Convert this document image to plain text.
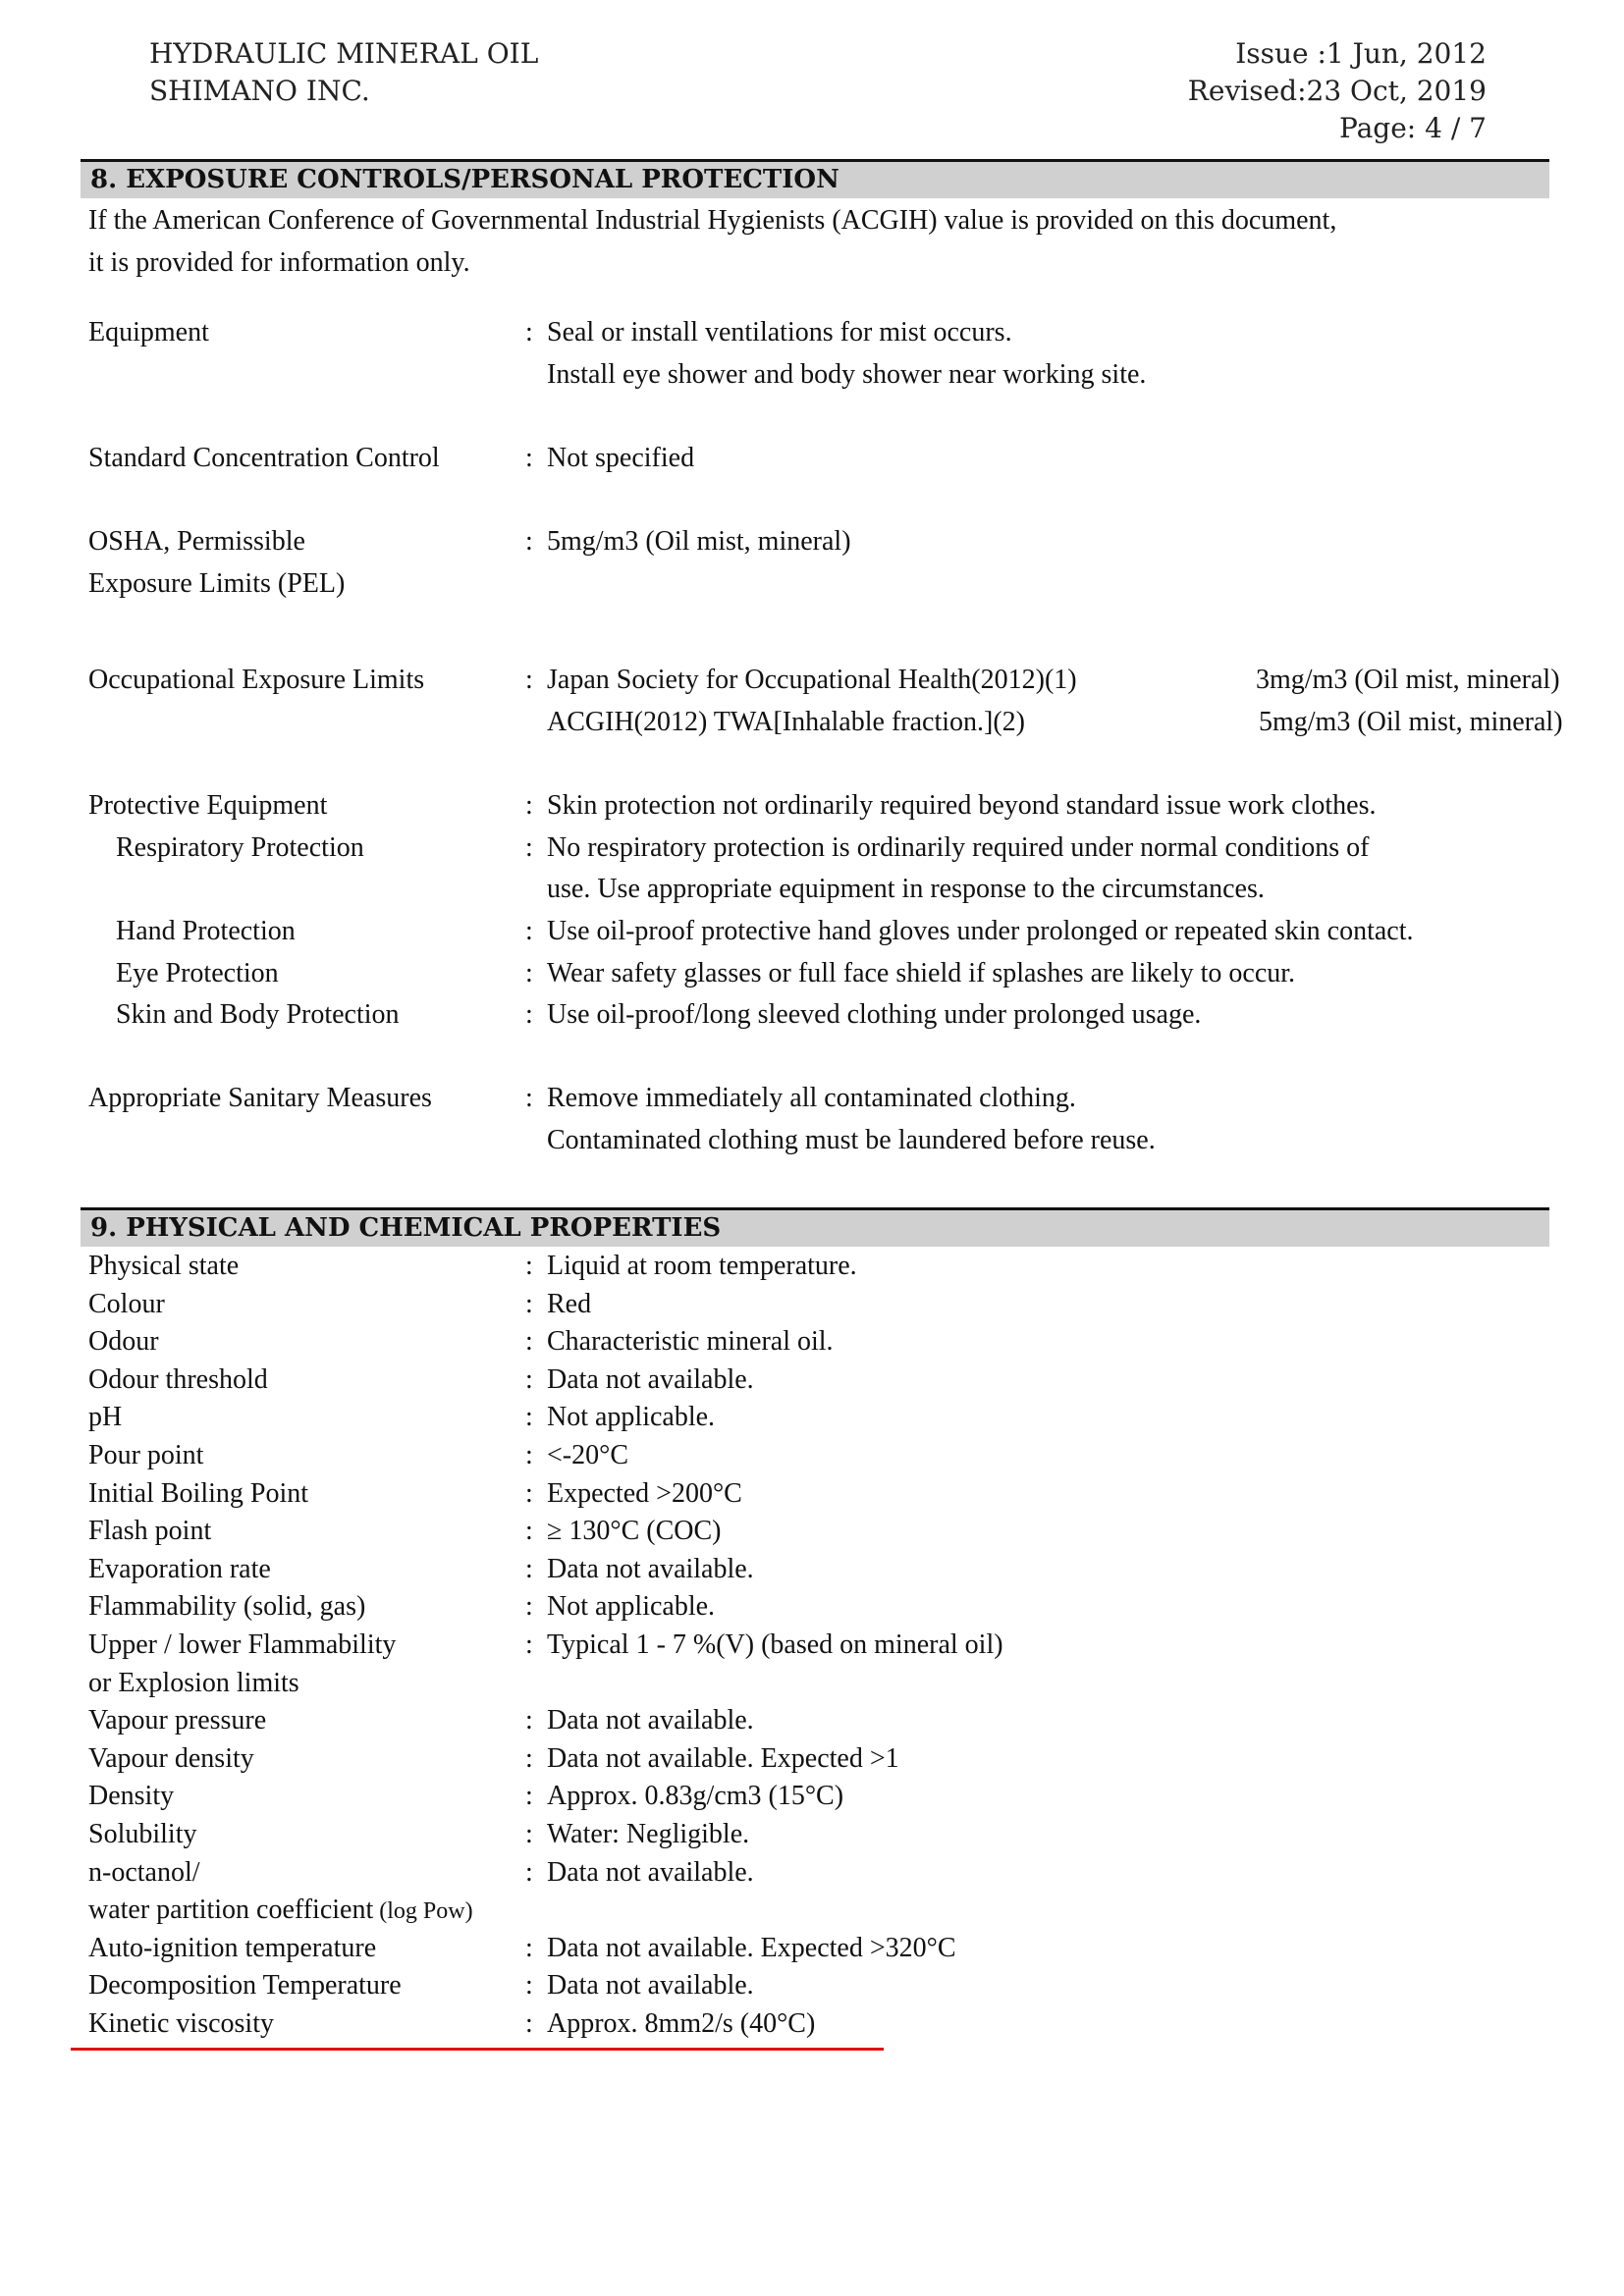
HYDRAULIC MINERAL OIL
SHIMANO INC.
Issue :1 Jun, 2012
Revised:23 Oct, 2019
Page: 4 / 7
8. EXPOSURE CONTROLS/PERSONAL PROTECTION
If the American Conference of Governmental Industrial Hygienists (ACGIH) value is provided on this document,
it is provided for information only.
Equipment	: Seal or install ventilations for mist occurs.
Install eye shower and body shower near working site.
Standard Concentration Control	: Not specified
OSHA, Permissible
Exposure Limits (PEL)
: 5mg/m3 (Oil mist, mineral)
Occupational Exposure Limits	: Japan Society for Occupational Health(2012)(1)	3mg/m3 (Oil mist, mineral)
ACGIH(2012) TWA[Inhalable fraction.](2)	5mg/m3 (Oil mist, mineral)
Protective Equipment	: Skin protection not ordinarily required beyond standard issue work clothes.
Respiratory Protection	: No respiratory protection is ordinarily required under normal conditions of
use. Use appropriate equipment in response to the circumstances.
Hand Protection	: Use oil-proof protective hand gloves under prolonged or repeated skin contact.
Eye Protection	: Wear safety glasses or full face shield if splashes are likely to occur.
Skin and Body Protection	: Use oil-proof/long sleeved clothing under prolonged usage.
Appropriate Sanitary Measures	: Remove immediately all contaminated clothing.
Contaminated clothing must be laundered before reuse.
9. PHYSICAL AND CHEMICAL PROPERTIES
Physical state	: Liquid at room temperature.
Colour	: Red
Odour	: Characteristic mineral oil.
Odour threshold	: Data not available.
pH	: Not applicable.
Pour point	: <-20°C
Initial Boiling Point	: Expected >200°C
Flash point	: ≥ 130°C (COC)
Evaporation rate	: Data not available.
Flammability (solid, gas)	: Not applicable.
Upper / lower Flammability
or Explosion limits
: Typical 1 - 7 %(V) (based on mineral oil)
Vapour pressure	: Data not available.
Vapour density	: Data not available. Expected >1
Density	: Approx. 0.83g/cm3 (15°C)
Solubility	: Water: Negligible.
n-octanol/
water partition coefficient (log Pow)
: Data not available.
Auto-ignition temperature	: Data not available. Expected >320°C
Decomposition Temperature	: Data not available.
Kinetic viscosity	: Approx. 8mm2/s (40°C)
